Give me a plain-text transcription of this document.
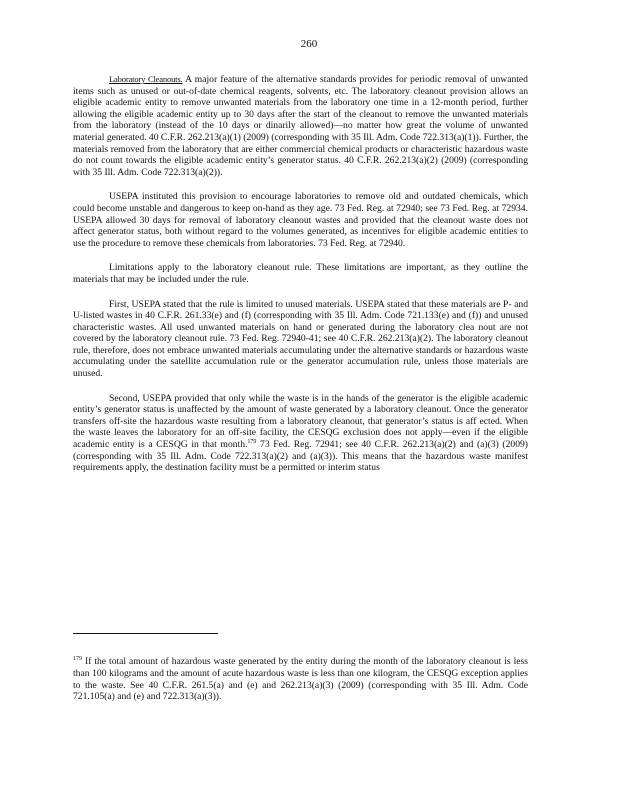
260

Laboratory Cleanouts. A major feature of the alternative standards provides for periodic removal of unwanted items such as unused or out-of-date chemical reagents, solvents, etc. The laboratory cleanout provision allows an eligible academic entity to remove unwanted materials from the laboratory one time in a 12-month period, further allowing the eligible academic entity up to 30 days after the start of the cleanout to remove the unwanted materials from the laboratory (instead of the 10 days or dinarily allowed)—no matter how great the volume of unwanted material generated. 40 C.F.R. 262.213(a)(1) (2009) (corresponding with 35 Ill. Adm. Code 722.313(a)(1)). Further, the materials removed from the laboratory that are either commercial chemical products or characteristic hazardous waste do not count towards the eligible academic entity’s generator status. 40 C.F.R. 262.213(a)(2) (2009) (corresponding with 35 Ill. Adm. Code 722.313(a)(2)).

USEPA instituted this provision to encourage laboratories to remove old and outdated chemicals, which could become unstable and dangerous to keep on-hand as they age. 73 Fed. Reg. at 72940; see 73 Fed. Reg. at 72934. USEPA allowed 30 days for removal of laboratory cleanout wastes and provided that the cleanout waste does not affect generator status, both without regard to the volumes generated, as incentives for eligible academic entities to use the procedure to remove these chemicals from laboratories. 73 Fed. Reg. at 72940.

Limitations apply to the laboratory cleanout rule. These limitations are important, as they outline the materials that may be included under the rule.

First, USEPA stated that the rule is limited to unused materials. USEPA stated that these materials are P- and U-listed wastes in 40 C.F.R. 261.33(e) and (f) (corresponding with 35 Ill. Adm. Code 721.133(e) and (f)) and unused characteristic wastes. All used unwanted materials on hand or generated during the laboratory clea nout are not covered by the laboratory cleanout rule. 73 Fed. Reg. 72940-41; see 40 C.F.R. 262.213(a)(2). The laboratory cleanout rule, therefore, does not embrace unwanted materials accumulating under the alternative standards or hazardous waste accumulating under the satellite accumulation rule or the generator accumulation rule, unless those materials are unused.

Second, USEPA provided that only while the waste is in the hands of the generator is the eligible academic entity’s generator status is unaffected by the amount of waste generated by a laboratory cleanout. Once the generator transfers off-site the hazardous waste resulting from a laboratory cleanout, that generator’s status is aff ected. When the waste leaves the laboratory for an off-site facility, the CESQG exclusion does not apply—even if the eligible academic entity is a CESQG in that month.$^{179}$ 73 Fed. Reg. 72941; see 40 C.F.R. 262.213(a)(2) and (a)(3) (2009) (corresponding with 35 Ill. Adm. Code 722.313(a)(2) and (a)(3)). This means that the hazardous waste manifest requirements apply, the destination facility must be a permitted or interim status

$^{179}$ If the total amount of hazardous waste generated by the entity during the month of the laboratory cleanout is less than 100 kilograms and the amount of acute hazardous waste is less than one kilogram, the CESQG exception applies to the waste. See 40 C.F.R. 261.5(a) and (e) and 262.213(a)(3) (2009) (corresponding with 35 Ill. Adm. Code 721.105(a) and (e) and 722.313(a)(3)).
